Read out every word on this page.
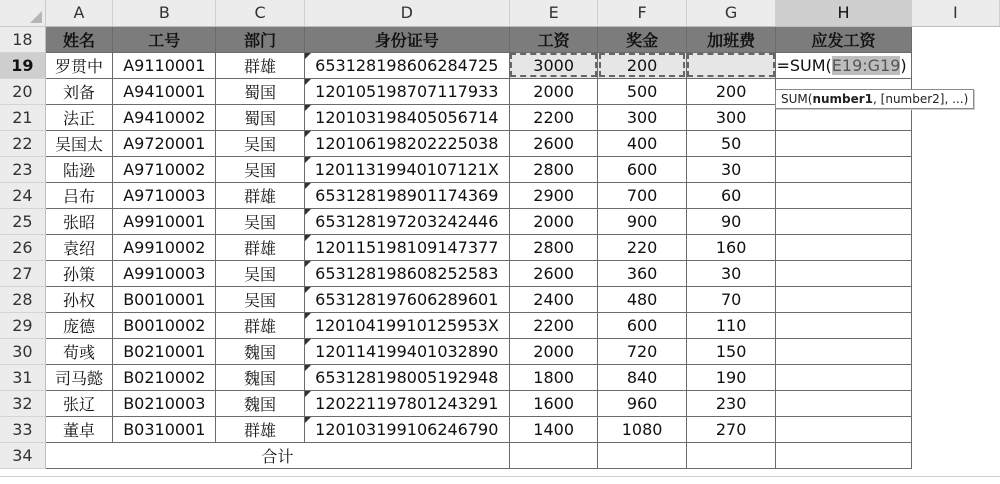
	A	B	C	D	E	F	G	H	I
18	姓名	工号	部门	身份证号	工资	奖金	加班费	应发工资	
19	罗贯中	A9110001	群雄	653128198606284725	3000	200		=SUM(E19:G19)	
20	刘备	A9410001	蜀国	120105198707117933	2000	500	200		
21	法正	A9410002	蜀国	120103198405056714	2200	300	300		
22	吴国太	A9720001	吴国	120106198202225038	2600	400	50		
23	陆逊	A9710002	吴国	12011319940107121X	2800	600	30		
24	吕布	A9710003	群雄	653128198901174369	2900	700	60		
25	张昭	A9910001	吴国	653128197203242446	2000	900	90		
26	袁绍	A9910002	群雄	120115198109147377	2800	220	160		
27	孙策	A9910003	吴国	653128198608252583	2600	360	30		
28	孙权	B0010001	吴国	653128197606289601	2400	480	70		
29	庞德	B0010002	群雄	12010419910125953X	2200	600	110		
30	荀彧	B0210001	魏国	120114199401032890	2000	720	150		
31	司马懿	B0210002	魏国	653128198005192948	1800	840	190		
32	张辽	B0210003	魏国	120221197801243291	1600	960	230		
33	董卓	B0310001	群雄	120103199106246790	1400	1080	270		
34	合计								
SUM(number1, [number2], ...)
